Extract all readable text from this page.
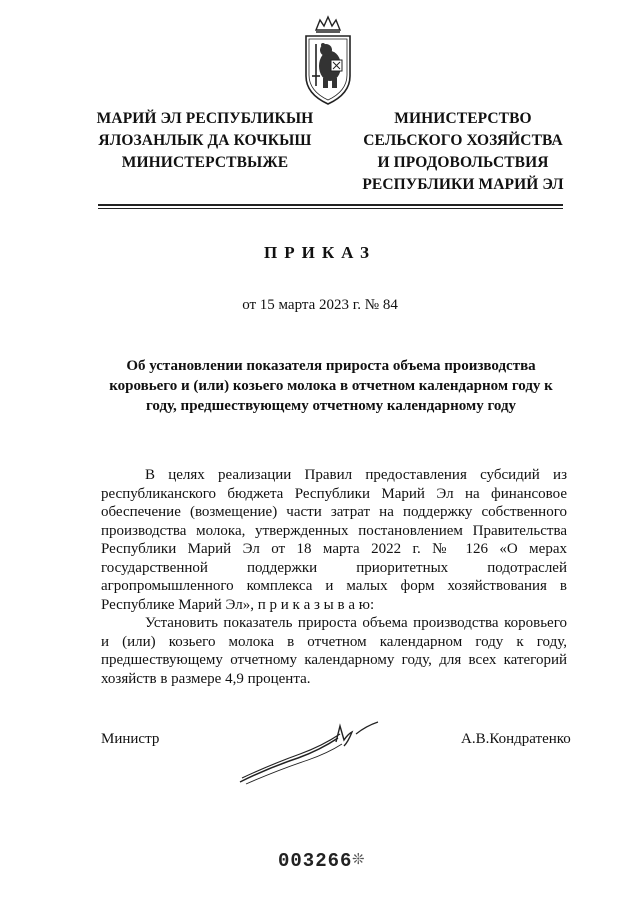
МАРИЙ ЭЛ РЕСПУБЛИКЫН
ЯЛОЗАНЛЫК ДА КОЧКЫШ
МИНИСТЕРСТВЫЖЕ
МИНИСТЕРСТВО
СЕЛЬСКОГО ХОЗЯЙСТВА
И ПРОДОВОЛЬСТВИЯ
РЕСПУБЛИКИ МАРИЙ ЭЛ
ПРИКАЗ
от 15 марта 2023 г. № 84
Об установлении показателя прироста объема производства коровьего и (или) козьего молока в отчетном календарном году к году, предшествующему отчетному календарному году

В целях реализации Правил предоставления субсидий из республиканского бюджета Республики Марий Эл на финансовое обеспечение (возмещение) части затрат на поддержку собственного производства молока, утвержденных постановлением Правительства Республики Марий Эл от 18 марта 2022 г. № 126 «О мерах государственной поддержки приоритетных подотраслей агропромышленного комплекса и малых форм хозяйствования в Республике Марий Эл», п р и к а з ы в а ю:

Установить показатель прироста объема производства коровьего и (или) козьего молока в отчетном календарном году к году, предшествующему отчетному календарному году, для всех категорий хозяйств в размере 4,9 процента.

Министр	А.В.Кондратенко
003266 ❊
